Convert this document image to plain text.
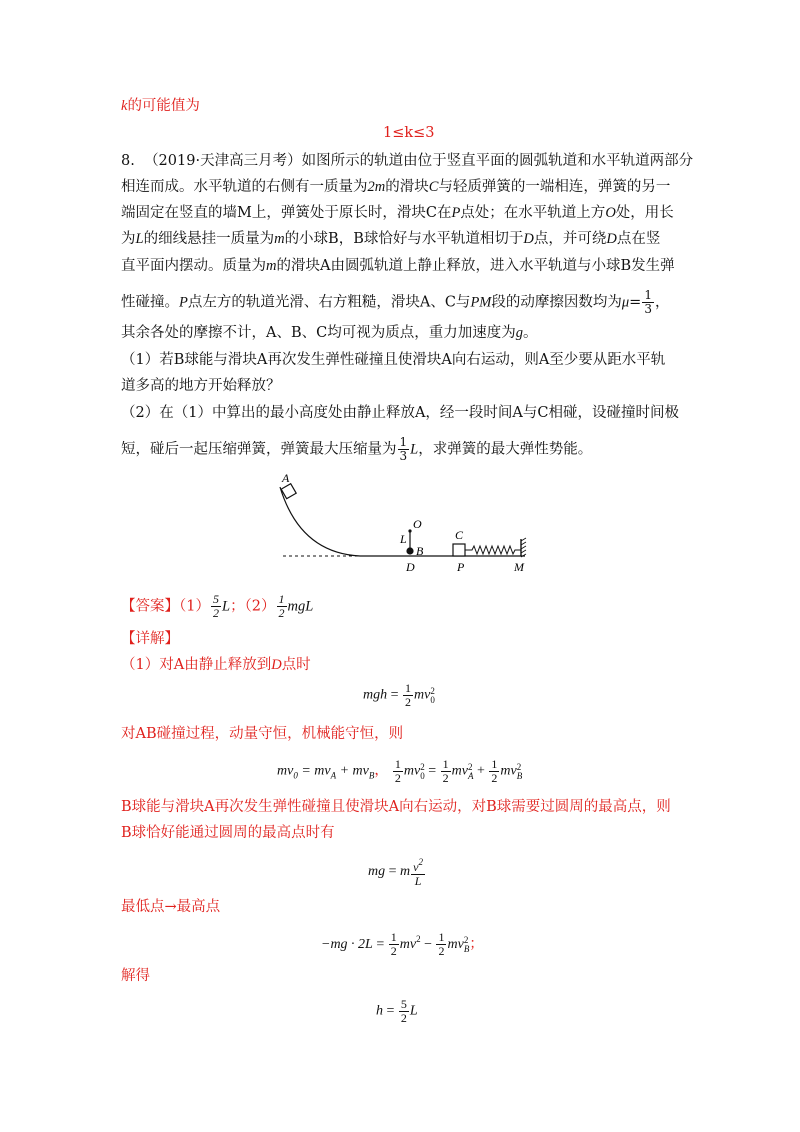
k的可能值为
1≤k≤3
8. （2019·天津高三月考）如图所示的轨道由位于竖直平面的圆弧轨道和水平轨道两部分
相连而成。水平轨道的右侧有一质量为2m的滑块C与轻质弹簧的一端相连，弹簧的另一
端固定在竖直的墙M上，弹簧处于原长时，滑块C在P点处；在水平轨道上方O处，用长
为L的细线悬挂一质量为m的小球B，B球恰好与水平轨道相切于D点，并可绕D点在竖
直平面内摆动。质量为m的滑块A由圆弧轨道上静止释放，进入水平轨道与小球B发生弹
性碰撞。P点左方的轨道光滑、右方粗糙，滑块A、C与PM段的动摩擦因数均为$\mu= \frac{1}{3}$ ，
其余各处的摩擦不计，A、B、C均可视为质点，重力加速度为g。
（1）若B球能与滑块A再次发生弹性碰撞且使滑块A向右运动，则A至少要从距水平轨
道多高的地方开始释放？
（2）在（1）中算出的最小高度处由静止释放A，经一段时间A与C相碰，设碰撞时间极
短，碰后一起压缩弹簧，弹簧最大压缩量为 $\frac{1}{3}$ L，求弹簧的最大弹性势能。
A
O
L
B
C
D	P	M
【答案】$(1) \frac{5}{2}$ L；$(2) \frac{1}{2}$ mgL
【详解】
（1）对A由静止释放到D点时
mgh = $\frac{1}{2}$ mv 2
0
对AB碰撞过程，动量守恒，机械能守恒，则
$mv_0 = mv_A + mv_B$， $\frac{1}{2}$ mv 2
$0 = \frac{1}{2}$ mv 2
$A + \frac{1}{2}$ mv 2
B
B球能与滑块A再次发生弹性碰撞且使滑块A向右运动，对B球需要过圆周的最高点，则
B球恰好能通过圆周的最高点时有
mg = m $\frac{v^2}{L}$
最低点→最高点
$-mg \cdot 2L = \frac{1}{2} mv^2 - \frac{1}{2}$ mv 2
B ；
解得
$h = \frac{5}{2}$ L
